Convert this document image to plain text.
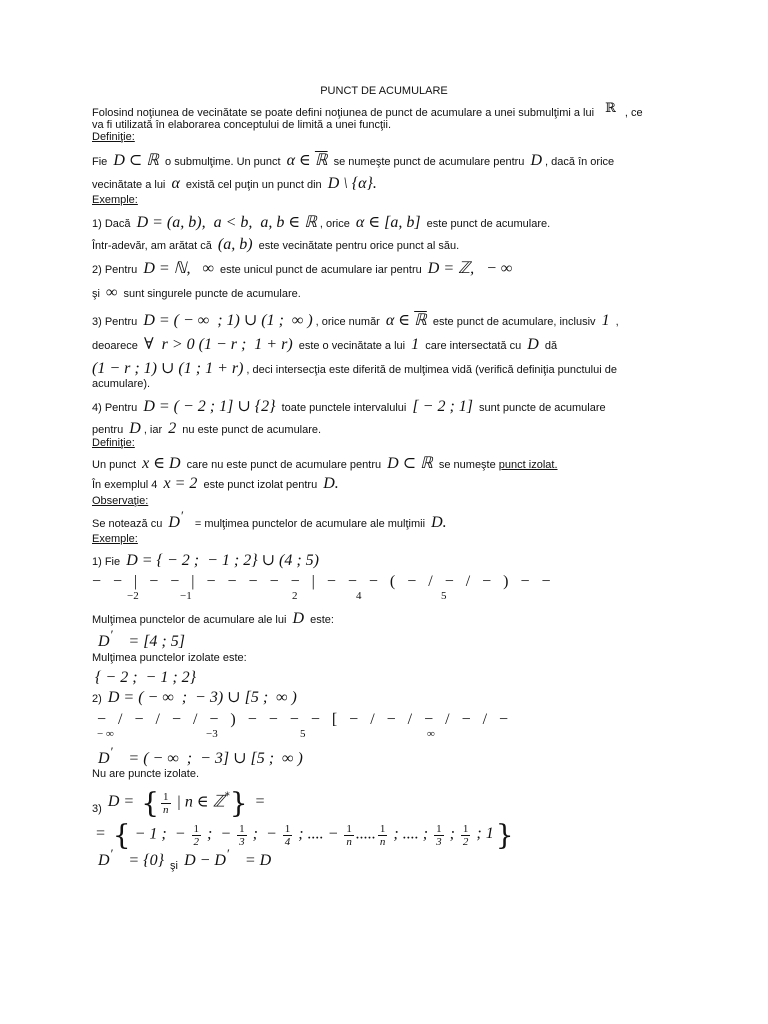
PUNCT DE ACUMULARE
Folosind noţiunea de vecinătate se poate defini noţiunea de punct de acumulare a unei submulţimi a lui ℝ , ce
va fi utilizată în elaborarea conceptului de limită a unei funcţii.
Definiţie:
Fie D ⊂ ℝ o submulţime. Un punct α ∈ ℝ se numeşte punct de acumulare pentru D , dacă în orice
vecinătate a lui α există cel puţin un punct din D \ {α}.
Exemple:
1) Dacă D = (a, b),  a < b,  a, b ∈ ℝ , orice α ∈ [a, b] este punct de acumulare.
Într-adevăr, am arătat că (a, b) este vecinătate pentru orice punct al său.
2) Pentru D = ℕ,   ∞ este unicul punct de acumulare iar pentru D = ℤ,   − ∞
şi ∞ sunt singurele puncte de acumulare.
3) Pentru D = ( − ∞  ; 1) ∪ (1 ;  ∞ ) , orice număr α ∈ ℝ este punct de acumulare, inclusiv 1 ,
deoarece ∀  r > 0 (1 − r ;  1 + r) este o vecinătate a lui 1 care intersectată cu D dă
(1 − r ; 1) ∪ (1 ; 1 + r) , deci intersecţia este diferită de mulţimea vidă (verifică definiţia punctului de
acumulare).
4) Pentru D = ( − 2 ; 1] ∪ {2} toate punctele intervalului [ − 2 ; 1] sunt puncte de acumulare
pentru D , iar 2 nu este punct de acumulare.
Definiţie:
Un punct x ∈ D care nu este punct de acumulare pentru D ⊂ ℝ se numeşte punct izolat.
În exemplul 4 x = 2 este punct izolat pentru D.
Observaţie:
Se notează cu D′ = mulţimea punctelor de acumulare ale mulţimii D.
Exemple:
1) Fie D = { − 2 ;  − 1 ; 2} ∪ (4 ; 5)
− − | − − | − − − − − | − − − ( − / − / − ) − −
−2	−1	2	4	5
Mulţimea punctelor de acumulare ale lui D este:
D′ = [4 ; 5]
Mulţimea punctelor izolate este:
{ − 2 ;  − 1 ; 2}
2) D = ( − ∞  ;  − 3) ∪ [5 ;  ∞ )
− / − / − / − ) − − − − [ − / − / − / − / −
− ∞	−3	5	∞
D′ = ( − ∞  ;  − 3] ∪ [5 ;  ∞ )
Nu are puncte izolate.
3) D = { $\frac{1}{n}$ | n ∈ ℤ*} =
= { − 1 ;  − $\frac{1}{2}$ ;  − $\frac{1}{3}$ ;  − $\frac{1}{4}$ ; .... − $\frac{1}{n}$ ..... $\frac{1}{n}$ ; .... ; $\frac{1}{3}$ ; $\frac{1}{2}$ ; 1}
D′ = {0} şi D − D′ = D
